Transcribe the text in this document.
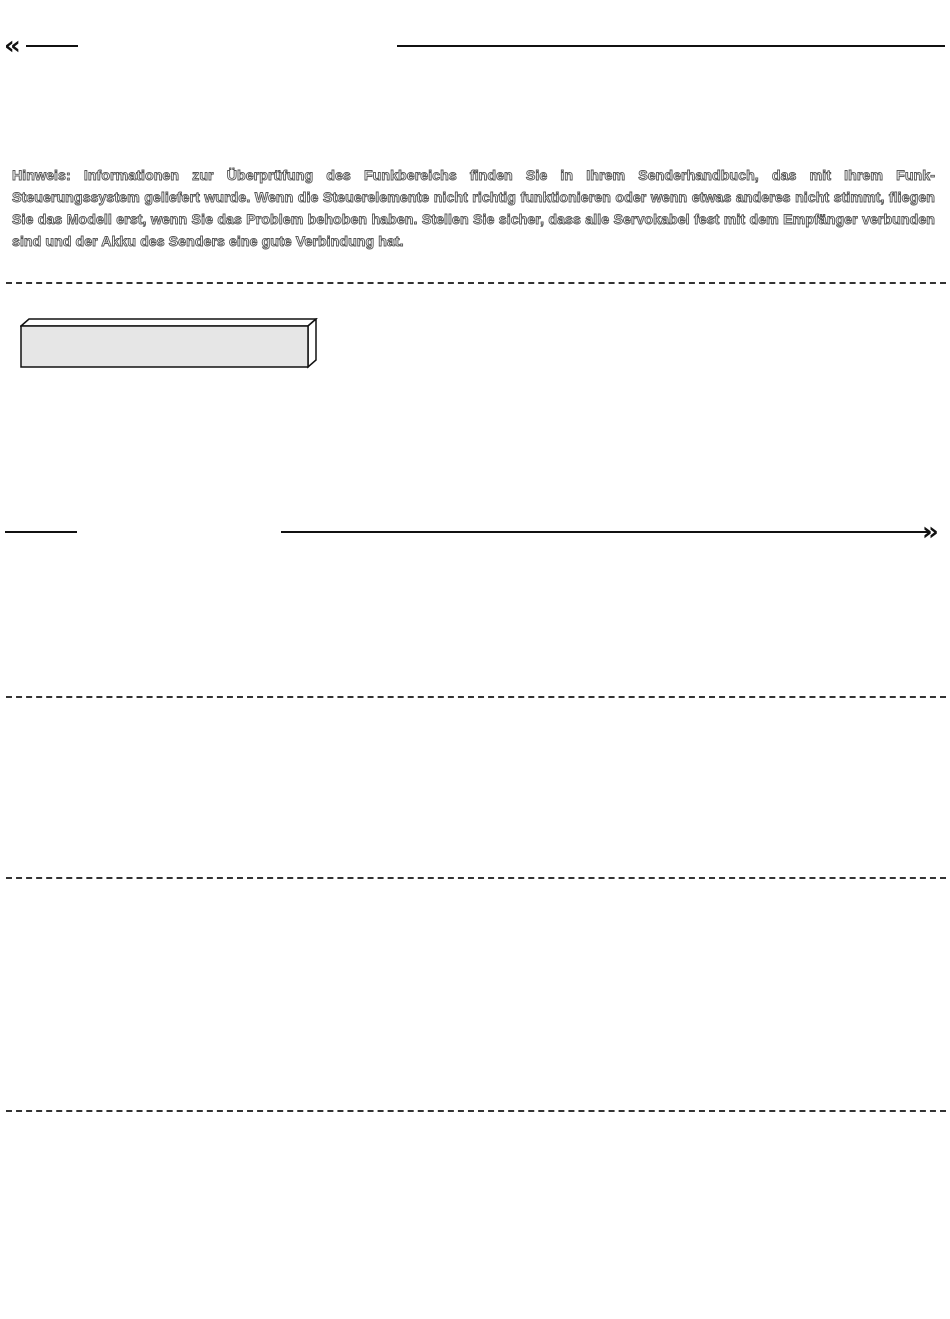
«
Hinweis: Informationen zur Überprüfung des Funkbereichs finden Sie in Ihrem Senderhandbuch, das mit Ihrem Funk-Steuerungssystem geliefert wurde. Wenn die Steuerelemente nicht richtig funktionieren oder wenn etwas anderes nicht stimmt, fliegen Sie das Modell erst, wenn Sie das Problem behoben haben. Stellen Sie sicher, dass alle Servokabel fest mit dem Empfänger verbunden sind und der Akku des Senders eine gute Verbindung hat.
»
